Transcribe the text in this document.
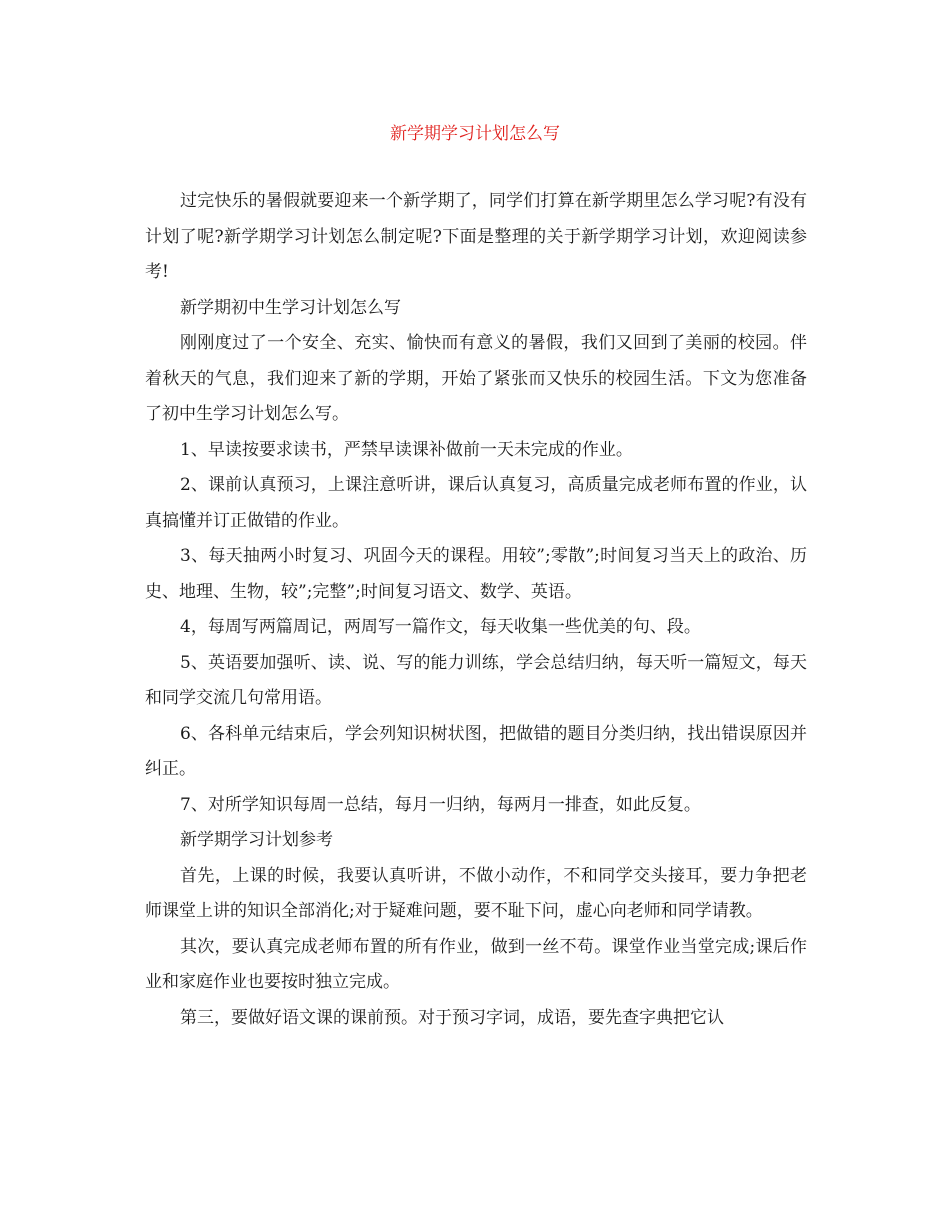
新学期学习计划怎么写

过完快乐的暑假就要迎来一个新学期了，同学们打算在新学期里怎么学习呢?有没有计划了呢?新学期学习计划怎么制定呢?下面是整理的关于新学期学习计划，欢迎阅读参考!

新学期初中生学习计划怎么写

刚刚度过了一个安全、充实、愉快而有意义的暑假，我们又回到了美丽的校园。伴着秋天的气息，我们迎来了新的学期，开始了紧张而又快乐的校园生活。下文为您准备了初中生学习计划怎么写。

1、早读按要求读书，严禁早读课补做前一天未完成的作业。

2、课前认真预习，上课注意听讲，课后认真复习，高质量完成老师布置的作业，认真搞懂并订正做错的作业。

3、每天抽两小时复习、巩固今天的课程。用较”;零散”;时间复习当天上的政治、历史、地理、生物，较”;完整”;时间复习语文、数学、英语。

4，每周写两篇周记，两周写一篇作文，每天收集一些优美的句、段。

5、英语要加强听、读、说、写的能力训练，学会总结归纳，每天听一篇短文，每天和同学交流几句常用语。

6、各科单元结束后，学会列知识树状图，把做错的题目分类归纳，找出错误原因并纠正。

7、对所学知识每周一总结，每月一归纳，每两月一排查，如此反复。

新学期学习计划参考

首先，上课的时候，我要认真听讲，不做小动作，不和同学交头接耳，要力争把老师课堂上讲的知识全部消化;对于疑难问题，要不耻下问，虚心向老师和同学请教。

其次，要认真完成老师布置的所有作业，做到一丝不苟。课堂作业当堂完成;课后作业和家庭作业也要按时独立完成。

第三，要做好语文课的课前预。对于预习字词，成语，要先查字典把它认
